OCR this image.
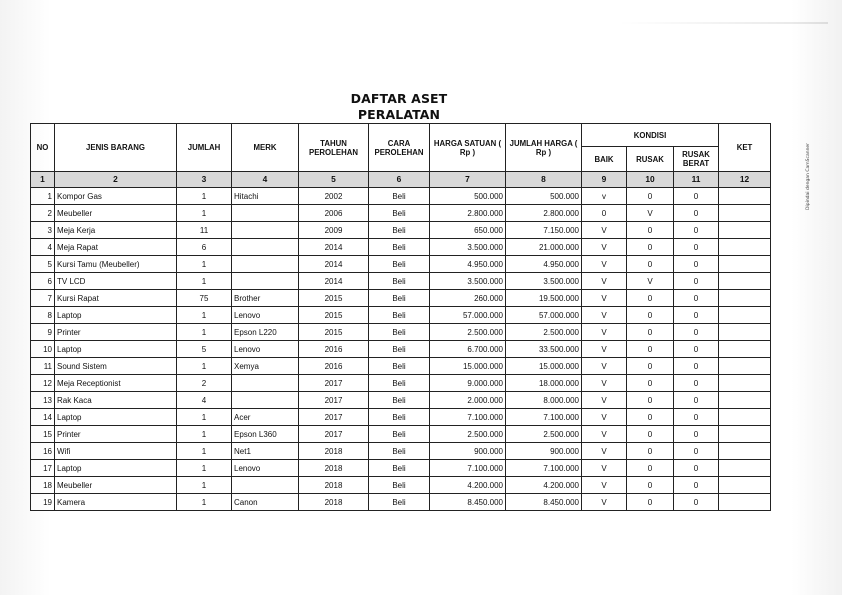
DAFTAR ASET
PERALATAN
Dipindai dengan CamScanner
NO	JENIS BARANG	JUMLAH	MERK	TAHUN PEROLEHAN	CARA PEROLEHAN	HARGA SATUAN ( Rp )	JUMLAH HARGA ( Rp )	KONDISI			KET
								BAIK	RUSAK	RUSAK BERAT	
1	2	3	4	5	6	7	8	9	10	11	12
1	Kompor Gas	1	Hitachi	2002	Beli	500.000	500.000	v	0	0	
2	Meubeller	1		2006	Beli	2.800.000	2.800.000	0	V	0	
3	Meja Kerja	11		2009	Beli	650.000	7.150.000	V	0	0	
4	Meja Rapat	6		2014	Beli	3.500.000	21.000.000	V	0	0	
5	Kursi Tamu (Meubeller)	1		2014	Beli	4.950.000	4.950.000	V	0	0	
6	TV LCD	1		2014	Beli	3.500.000	3.500.000	V	V	0	
7	Kursi Rapat	75	Brother	2015	Beli	260.000	19.500.000	V	0	0	
8	Laptop	1	Lenovo	2015	Beli	57.000.000	57.000.000	V	0	0	
9	Printer	1	Epson L220	2015	Beli	2.500.000	2.500.000	V	0	0	
10	Laptop	5	Lenovo	2016	Beli	6.700.000	33.500.000	V	0	0	
11	Sound Sistem	1	Xemya	2016	Beli	15.000.000	15.000.000	V	0	0	
12	Meja Receptionist	2		2017	Beli	9.000.000	18.000.000	V	0	0	
13	Rak Kaca	4		2017	Beli	2.000.000	8.000.000	V	0	0	
14	Laptop	1	Acer	2017	Beli	7.100.000	7.100.000	V	0	0	
15	Printer	1	Epson L360	2017	Beli	2.500.000	2.500.000	V	0	0	
16	Wifi	1	Net1	2018	Beli	900.000	900.000	V	0	0	
17	Laptop	1	Lenovo	2018	Beli	7.100.000	7.100.000	V	0	0	
18	Meubeller	1		2018	Beli	4.200.000	4.200.000	V	0	0	
19	Kamera	1	Canon	2018	Beli	8.450.000	8.450.000	V	0	0	
